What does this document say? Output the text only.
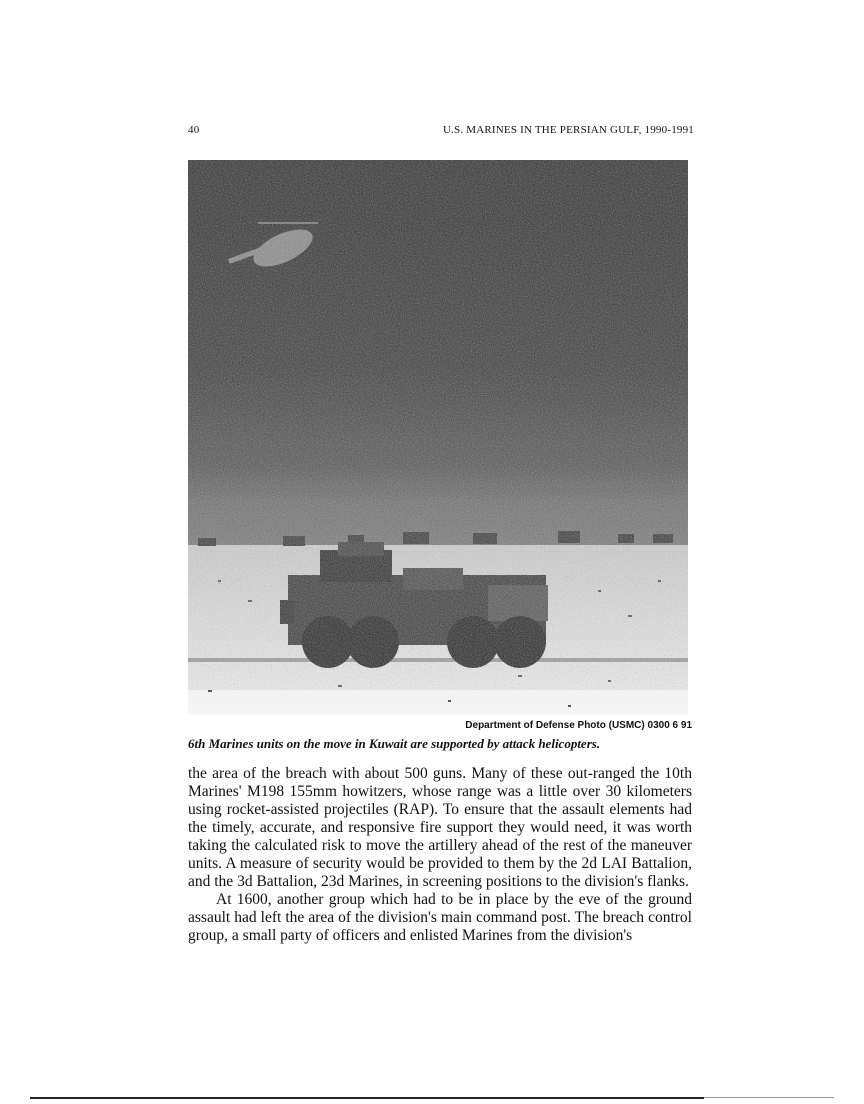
40	U.S. MARINES IN THE PERSIAN GULF, 1990-1991
Department of Defense Photo (USMC) 0300 6 91
6th Marines units on the move in Kuwait are supported by attack helicopters.

the area of the breach with about 500 guns. Many of these out-ranged the 10th Marines' M198 155mm howitzers, whose range was a little over 30 kilometers using rocket-assisted projectiles (RAP). To ensure that the assault elements had the timely, accurate, and responsive fire support they would need, it was worth taking the calculated risk to move the artillery ahead of the rest of the maneuver units. A measure of security would be provided to them by the 2d LAI Battalion, and the 3d Battalion, 23d Marines, in screening positions to the division's flanks.

At 1600, another group which had to be in place by the eve of the ground assault had left the area of the division's main command post. The breach control group, a small party of officers and enlisted Marines from the division's
